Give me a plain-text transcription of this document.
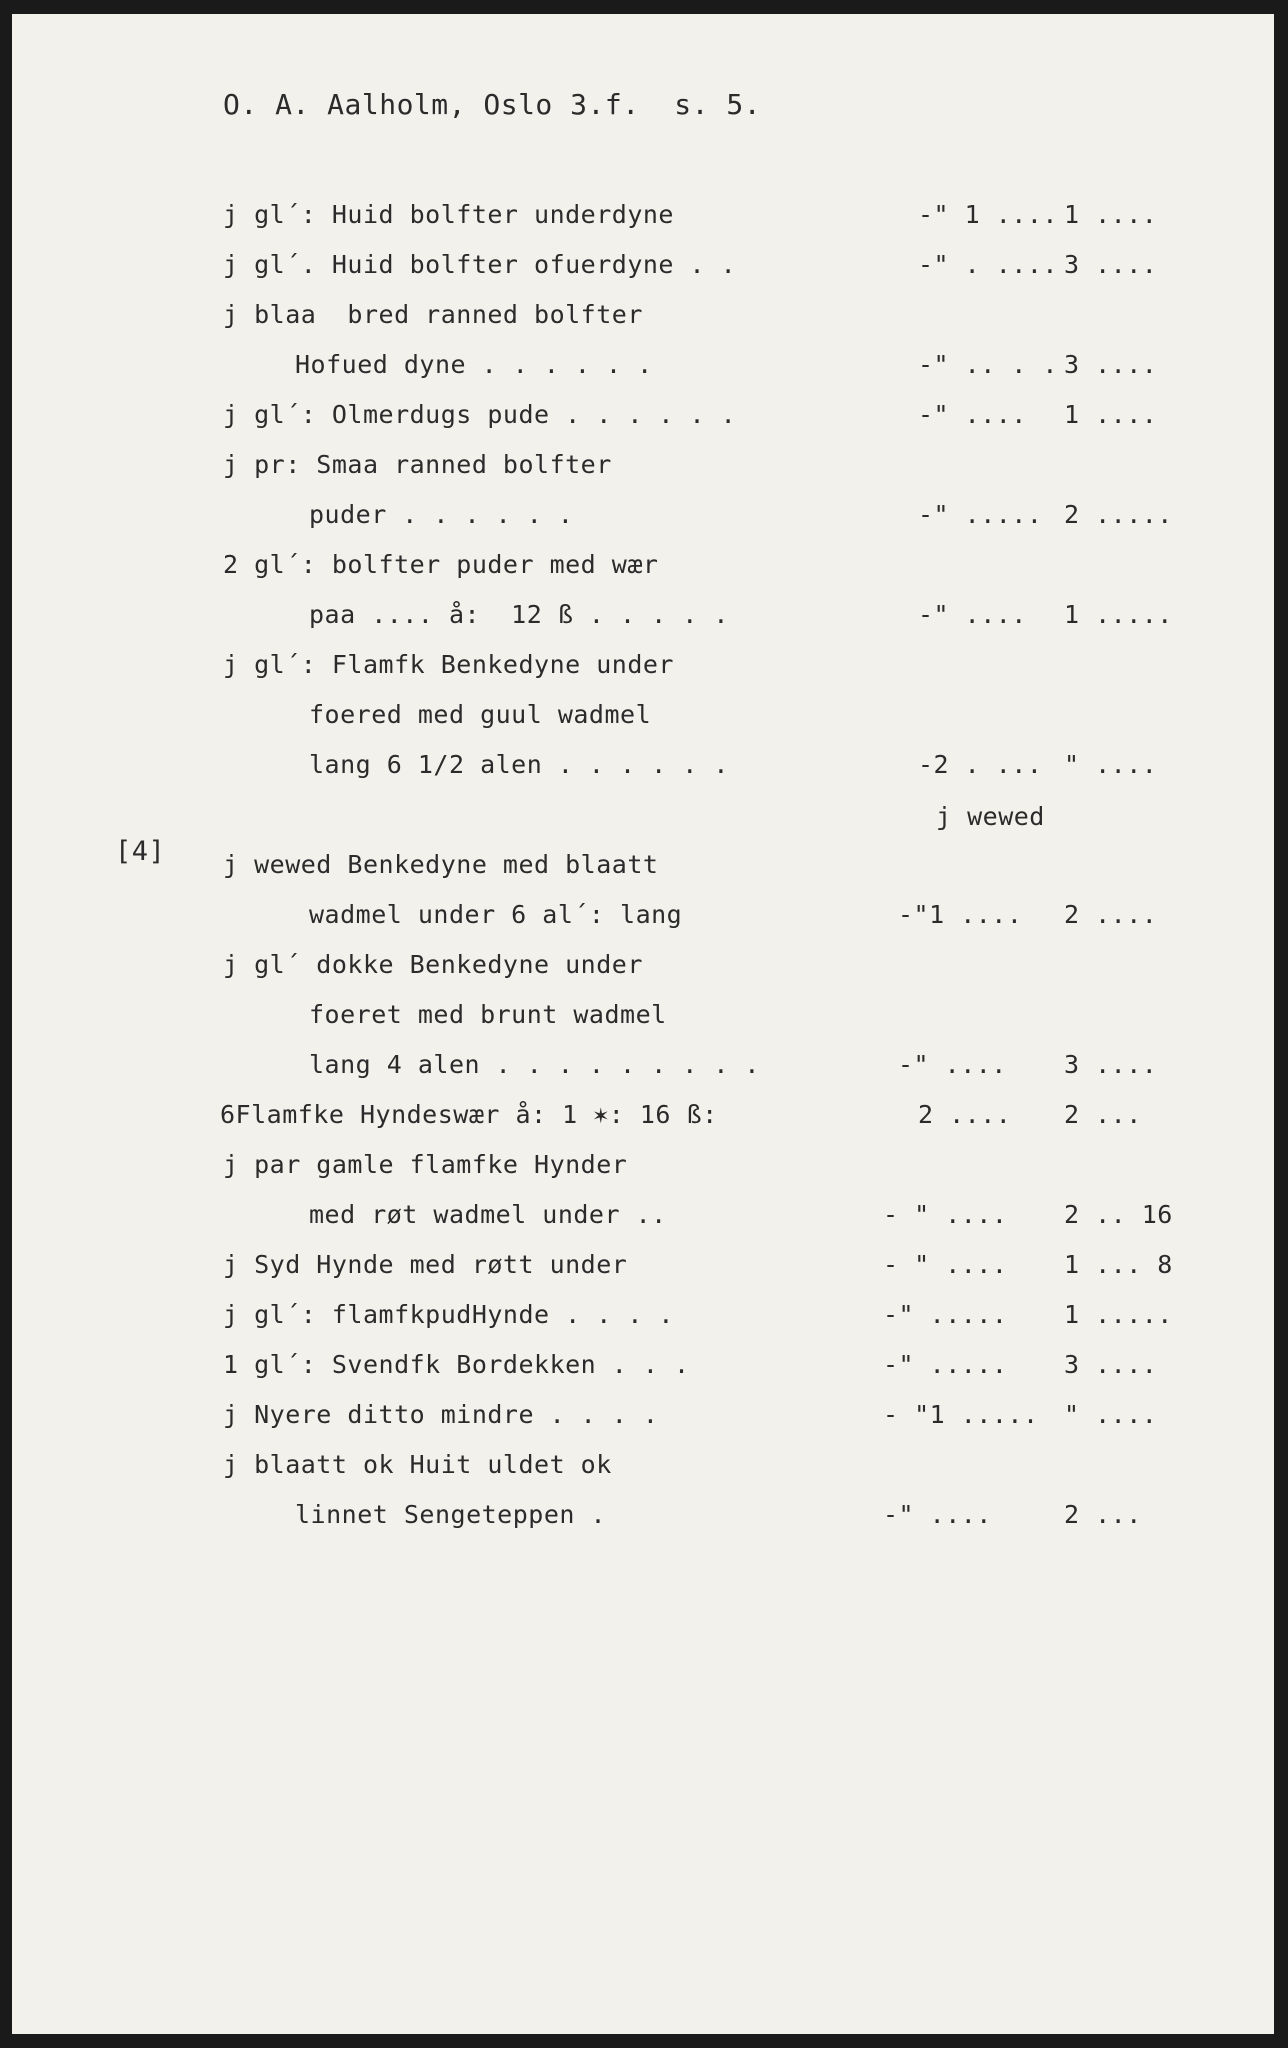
O. A. Aalholm, Oslo 3.f.  s. 5.
[4]
j gl´: Huid bolfter underdyne	-" 1 .... 1 ....
j gl´. Huid bolfter ofuerdyne . .	-" . .... 3 ....
j blaa  bred ranned bolfter
Hofued dyne . . . . . .	-" .. . . 3 ....
j gl´: Olmerdugs pude . . . . . .	-" .... 1 ....
j pr: Smaa ranned bolfter
puder . . . . . .	-" ..... 2 .....
2 gl´: bolfter puder med wær
paa .... å:  12 ß . . . . .	-" .... 1 .....
j gl´: Flamfk Benkedyne under
foered med guul wadmel
lang 6 1/2 alen . . . . . .	-2 . ... " ....
j wewed
j wewed Benkedyne med blaatt
wadmel under 6 al´: lang	-"1 .... 2 ....
j gl´ dokke Benkedyne under
foeret med brunt wadmel
lang 4 alen . . . . . . . . .	-" .... 3 ....
6Flamfke Hyndeswær å: 1 ✶: 16 ß:	2 .... 2 ...
j par gamle flamfke Hynder
med røt wadmel under ..	- " .... 2 .. 16
j Syd Hynde med røtt under	- " .... 1 ... 8
j gl´: flamfkpudHynde . . . .	-" ..... 1 .....
1 gl´: Svendfk Bordekken . . .	-" ..... 3 ....
j Nyere ditto mindre . . . .	- "1 ..... " ....
j blaatt ok Huit uldet ok
linnet Sengeteppen .	-" ....	2 ...
